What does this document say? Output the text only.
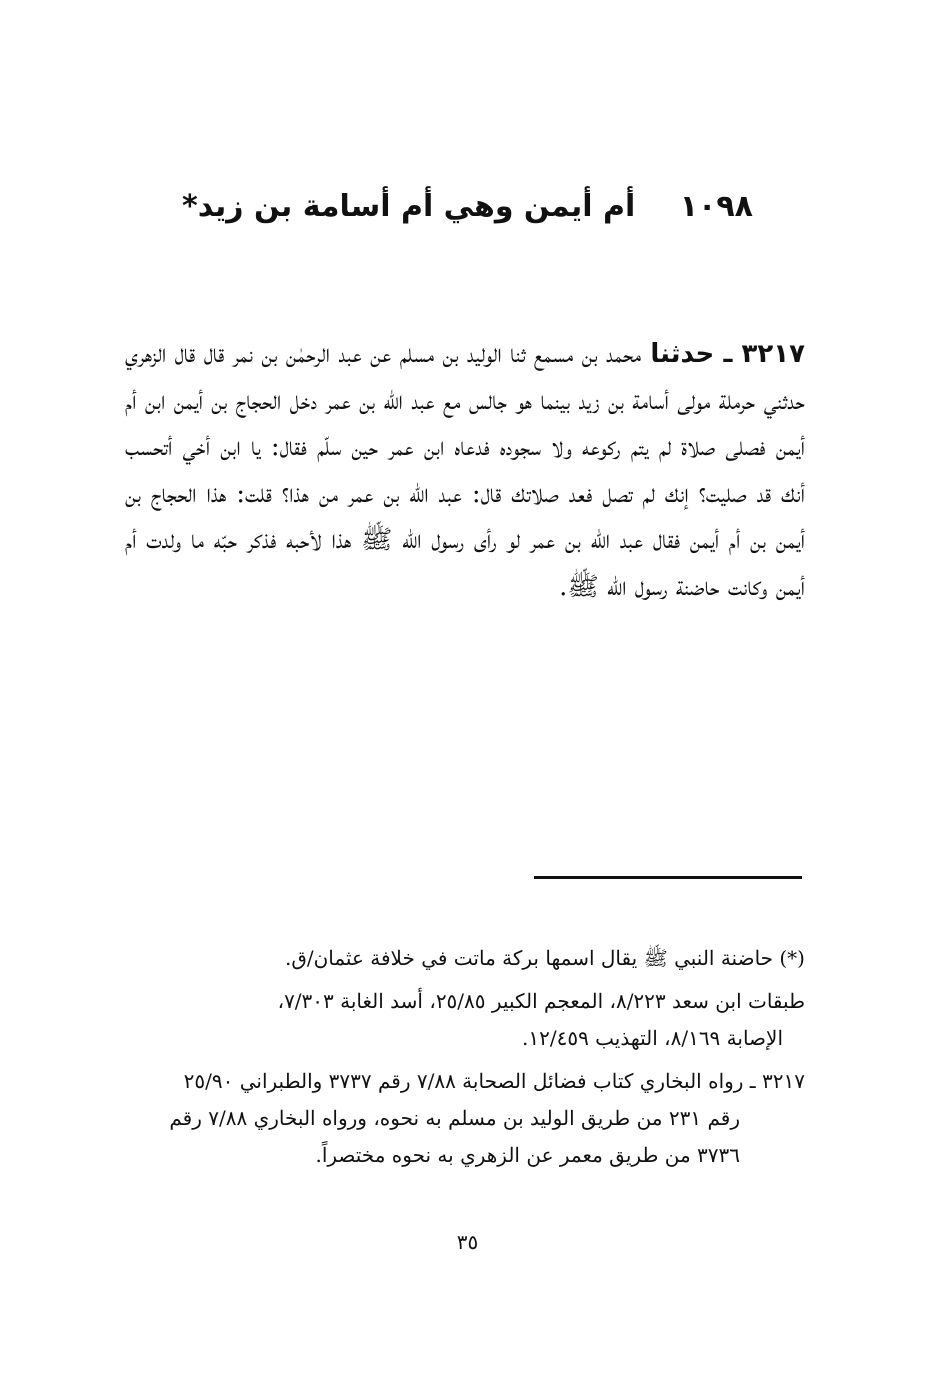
١٠٩٨ أم أيمن وهي أم أسامة بن زيد*

٣٢١٧ ـ حدثنا محمد بن مسمع ثنا الوليد بن مسلم عن عبد الرحمٰن بن نمر قال قال الزهري حدثني حرملة مولى أسامة بن زيد بينما هو جالس مع عبد الله بن عمر دخل الحجاج بن أيمن ابن أم أيمن فصلى صلاة لم يتم ركوعه ولا سجوده فدعاه ابن عمر حين سلّم فقال: يا ابن أخي أتحسب أنك قد صليت؟ إنك لم تصل فعد صلاتك قال: عبد الله بن عمر من هذا؟ قلت: هذا الحجاج بن أيمن بن أم أيمن فقال عبد الله بن عمر لو رأى رسول الله ﷺ هذا لأحبه فذكر حبّه ما ولدت أم أيمن وكانت حاضنة رسول الله ﷺ.

(*) حاضنة النبي ﷺ يقال اسمها بركة ماتت في خلافة عثمان/ق.

طبقات ابن سعد ٨/٢٢٣، المعجم الكبير ٢٥/٨٥، أسد الغابة ٧/٣٠٣،
الإصابة ٨/١٦٩، التهذيب ١٢/٤٥٩.

٣٢١٧ ـ رواه البخاري كتاب فضائل الصحابة ٧/٨٨ رقم ٣٧٣٧ والطبراني ٢٥/٩٠
رقم ٢٣١ من طريق الوليد بن مسلم به نحوه، ورواه البخاري ٧/٨٨ رقم ٣٧٣٦ من طريق معمر عن الزهري به نحوه مختصراً.

٣٥
